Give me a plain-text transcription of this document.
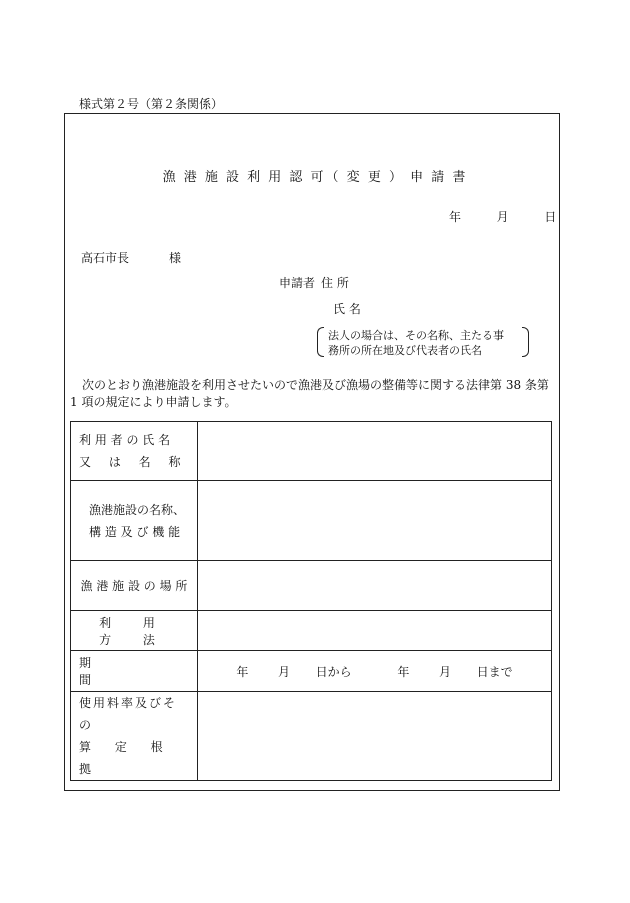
様式第２号（第２条関係）
漁 港 施 設 利 用 認 可（ 変 更 ） 申 請 書
年	月	日
高石市長	様
申請者 住 所
氏 名
法人の場合は、その名称、主たる事
務所の所在地及び代表者の氏名
次のとおり漁港施設を利用させたいので漁港及び漁場の整備等に関する法律第 38 条第
1 項の規定により申請します。
利 用 者 の 氏 名
又 は 名 称	

漁港施設の名称、
構 造 及 び 機 能	

漁 港 施 設 の 場 所	

利 用 方 法	

期 間	年 月 日から 年 月 日まで

使用料率及びその
算 定 根 拠	
